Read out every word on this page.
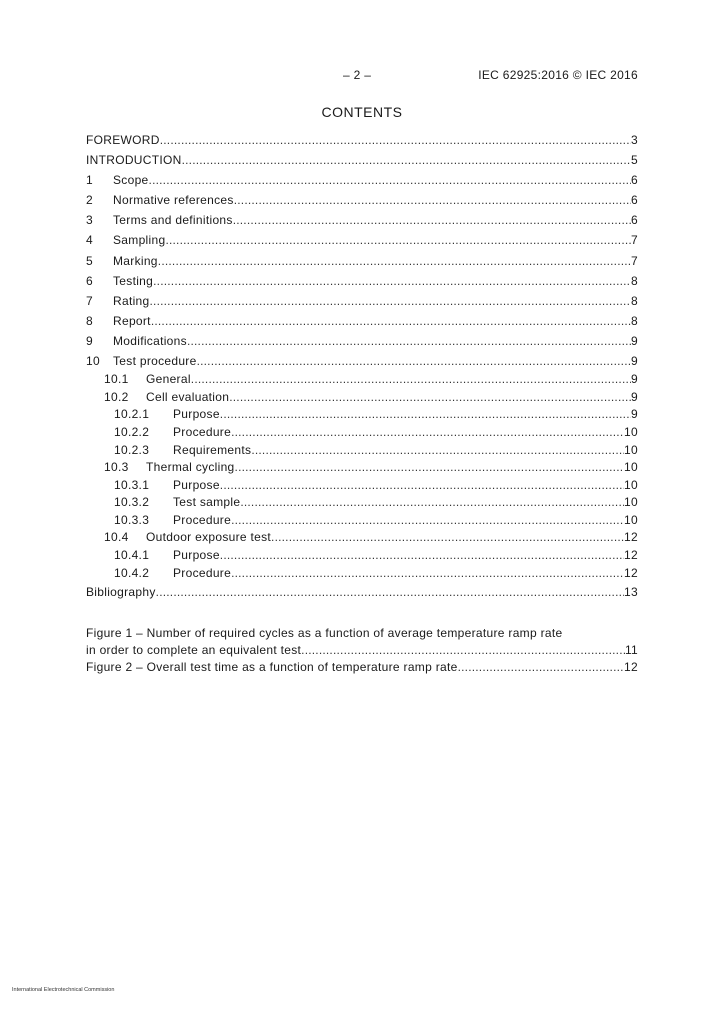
– 2 –	IEC 62925:2016 © IEC 2016
CONTENTS
FOREWORD .....	3
INTRODUCTION .....	5
1	Scope .....	6
2	Normative references .....	6
3	Terms and definitions .....	6
4	Sampling .....	7
5	Marking .....	7
6	Testing .....	8
7	Rating .....	8
8	Report .....	8
9	Modifications .....	9
10	Test procedure .....	9
10.1	General .....	9
10.2	Cell evaluation .....	9
10.2.1	Purpose .....	9
10.2.2	Procedure .....	10
10.2.3	Requirements .....	10
10.3	Thermal cycling .....	10
10.3.1	Purpose .....	10
10.3.2	Test sample .....	10
10.3.3	Procedure .....	10
10.4	Outdoor exposure test .....	12
10.4.1	Purpose .....	12
10.4.2	Procedure .....	12
Bibliography .....	13
Figure 1 – Number of required cycles as a function of average temperature ramp rate
in order to complete an equivalent test .....	11
Figure 2 – Overall test time as a function of temperature ramp rate .....	12
International Electrotechnical Commission
